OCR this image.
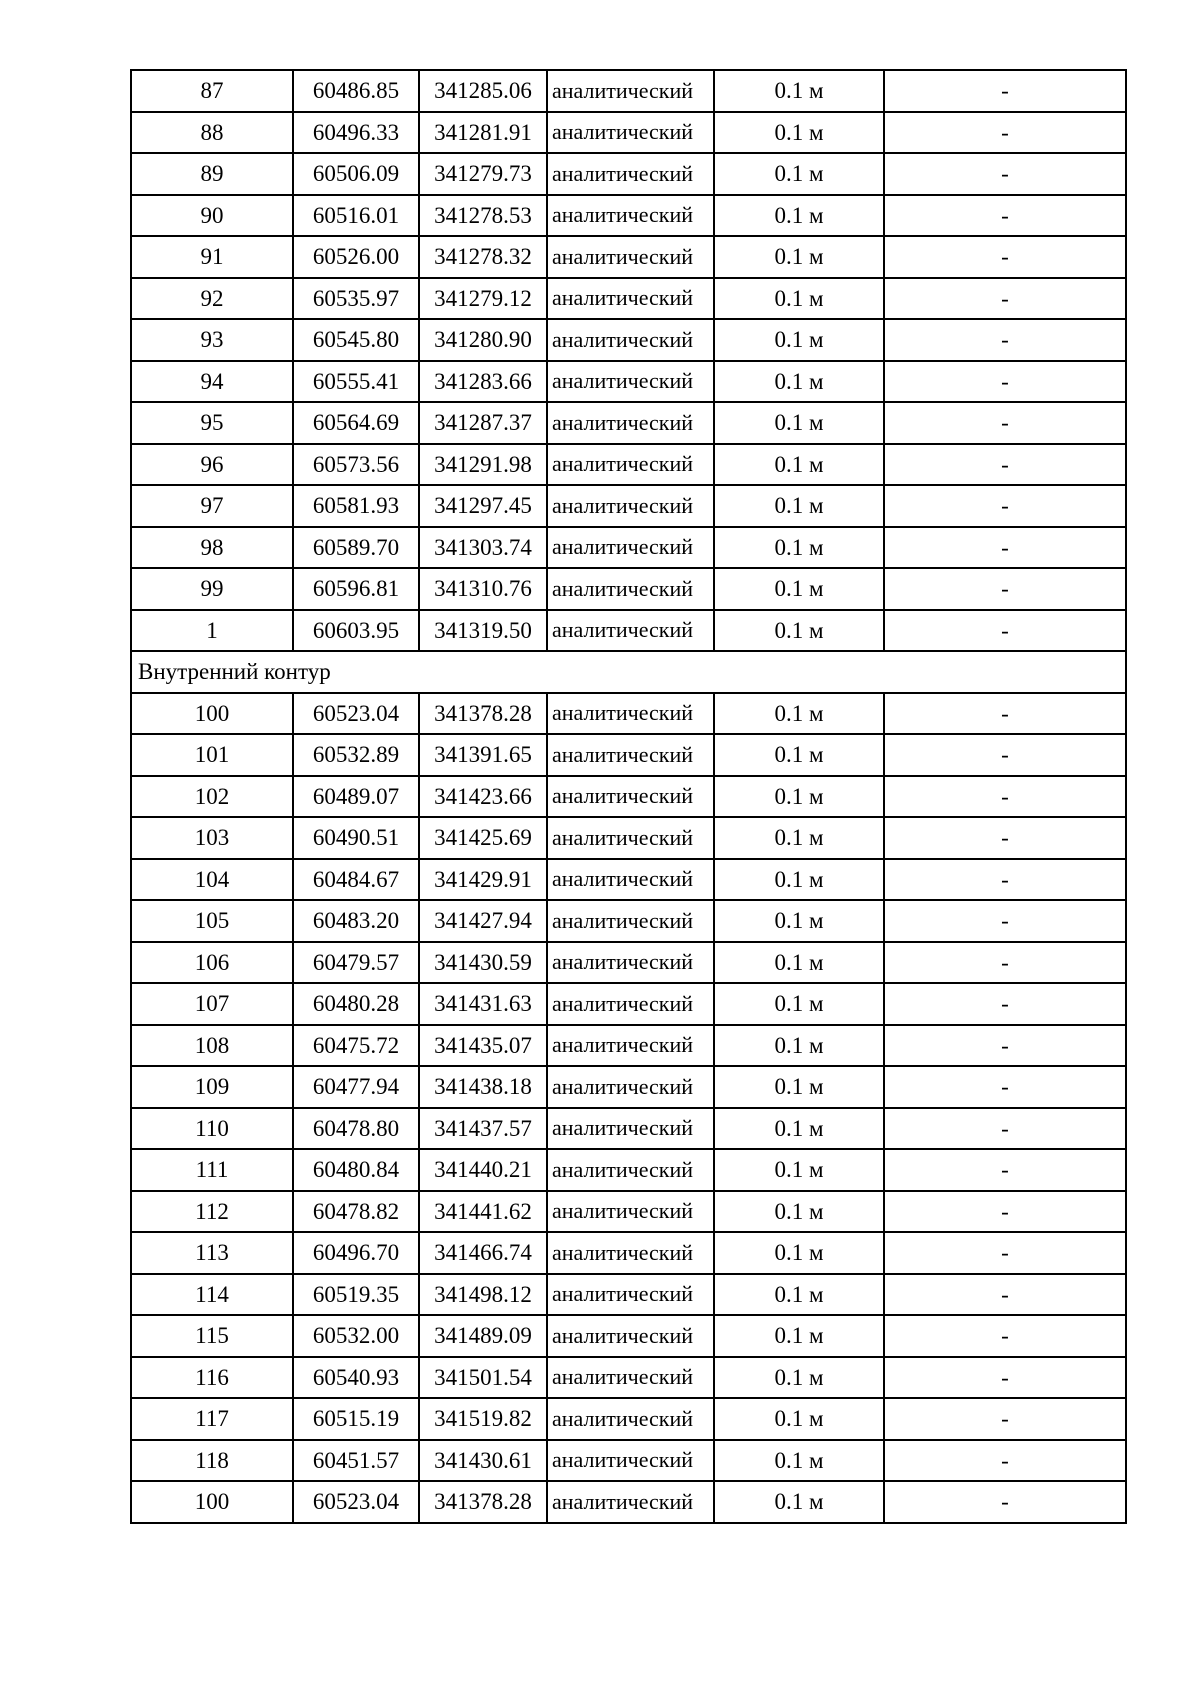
87	60486.85	341285.06	аналитический	0.1 м	-
88	60496.33	341281.91	аналитический	0.1 м	-
89	60506.09	341279.73	аналитический	0.1 м	-
90	60516.01	341278.53	аналитический	0.1 м	-
91	60526.00	341278.32	аналитический	0.1 м	-
92	60535.97	341279.12	аналитический	0.1 м	-
93	60545.80	341280.90	аналитический	0.1 м	-
94	60555.41	341283.66	аналитический	0.1 м	-
95	60564.69	341287.37	аналитический	0.1 м	-
96	60573.56	341291.98	аналитический	0.1 м	-
97	60581.93	341297.45	аналитический	0.1 м	-
98	60589.70	341303.74	аналитический	0.1 м	-
99	60596.81	341310.76	аналитический	0.1 м	-
1	60603.95	341319.50	аналитический	0.1 м	-
Внутренний контур					
100	60523.04	341378.28	аналитический	0.1 м	-
101	60532.89	341391.65	аналитический	0.1 м	-
102	60489.07	341423.66	аналитический	0.1 м	-
103	60490.51	341425.69	аналитический	0.1 м	-
104	60484.67	341429.91	аналитический	0.1 м	-
105	60483.20	341427.94	аналитический	0.1 м	-
106	60479.57	341430.59	аналитический	0.1 м	-
107	60480.28	341431.63	аналитический	0.1 м	-
108	60475.72	341435.07	аналитический	0.1 м	-
109	60477.94	341438.18	аналитический	0.1 м	-
110	60478.80	341437.57	аналитический	0.1 м	-
111	60480.84	341440.21	аналитический	0.1 м	-
112	60478.82	341441.62	аналитический	0.1 м	-
113	60496.70	341466.74	аналитический	0.1 м	-
114	60519.35	341498.12	аналитический	0.1 м	-
115	60532.00	341489.09	аналитический	0.1 м	-
116	60540.93	341501.54	аналитический	0.1 м	-
117	60515.19	341519.82	аналитический	0.1 м	-
118	60451.57	341430.61	аналитический	0.1 м	-
100	60523.04	341378.28	аналитический	0.1 м	-
